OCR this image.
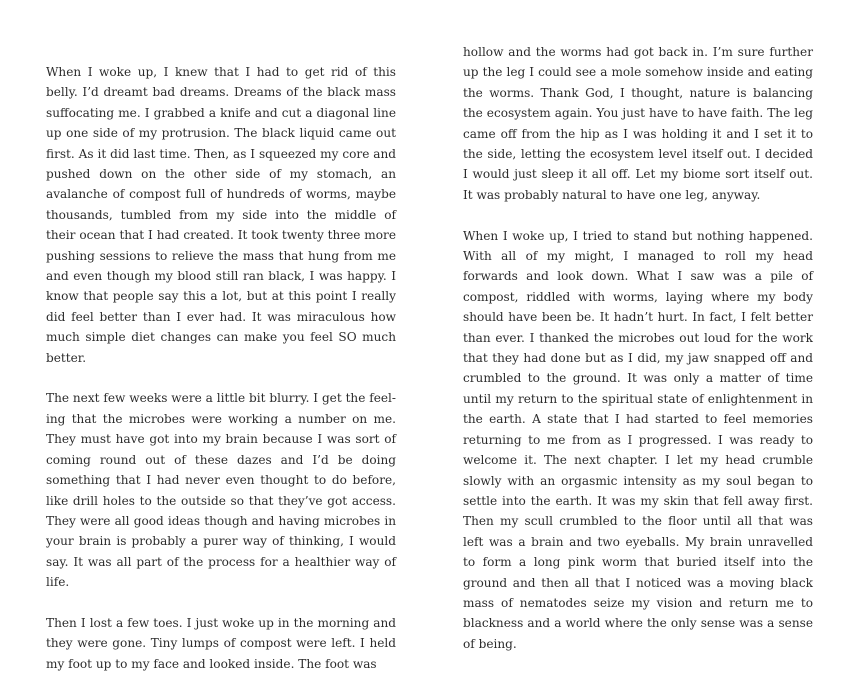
When I woke up, I knew that I had to get rid of this belly. I’d dreamt bad dreams. Dreams of the black mass suffocating me. I grabbed a knife and cut a diagonal line up one side of my protrusion. The black liquid came out first. As it did last time. Then, as I squeezed my core and pushed down on the other side of my stomach, an avalanche of compost full of hundreds of worms, maybe thousands, tumbled from my side into the middle of their ocean that I had created. It took twenty three more pushing sessions to relieve the mass that hung from me and even though my blood still ran black, I was happy. I know that people say this a lot, but at this point I really did feel better than I ever had. It was miraculous how much simple diet changes can make you feel SO much better.

The next few weeks were a little bit blurry. I get the feeling that the microbes were working a number on me. They must have got into my brain because I was sort of coming round out of these dazes and I’d be doing something that I had never even thought to do before, like drill holes to the outside so that they’ve got access. They were all good ideas though and having microbes in your brain is probably a purer way of thinking, I would say. It was all part of the process for a healthier way of life.

Then I lost a few toes. I just woke up in the morning and they were gone. Tiny lumps of compost were left. I held my foot up to my face and looked inside. The foot was

hollow and the worms had got back in. I’m sure further up the leg I could see a mole somehow inside and eating the worms. Thank God, I thought, nature is balancing the ecosystem again. You just have to have faith. The leg came off from the hip as I was holding it and I set it to the side, letting the ecosystem level itself out. I decided I would just sleep it all off. Let my biome sort itself out. It was probably natural to have one leg, anyway.

When I woke up, I tried to stand but nothing happened. With all of my might, I managed to roll my head forwards and look down. What I saw was a pile of compost, riddled with worms, laying where my body should have been be. It hadn’t hurt. In fact, I felt better than ever. I thanked the microbes out loud for the work that they had done but as I did, my jaw snapped off and crumbled to the ground. It was only a matter of time until my return to the spiritual state of enlightenment in the earth. A state that I had started to feel memories returning to me from as I progressed. I was ready to welcome it. The next chapter. I let my head crumble slowly with an orgasmic intensity as my soul began to settle into the earth. It was my skin that fell away first. Then my scull crumbled to the floor until all that was left was a brain and two eyeballs. My brain unravelled to form a long pink worm that buried itself into the ground and then all that I noticed was a moving black mass of nematodes seize my vision and return me to blackness and a world where the only sense was a sense of being.
